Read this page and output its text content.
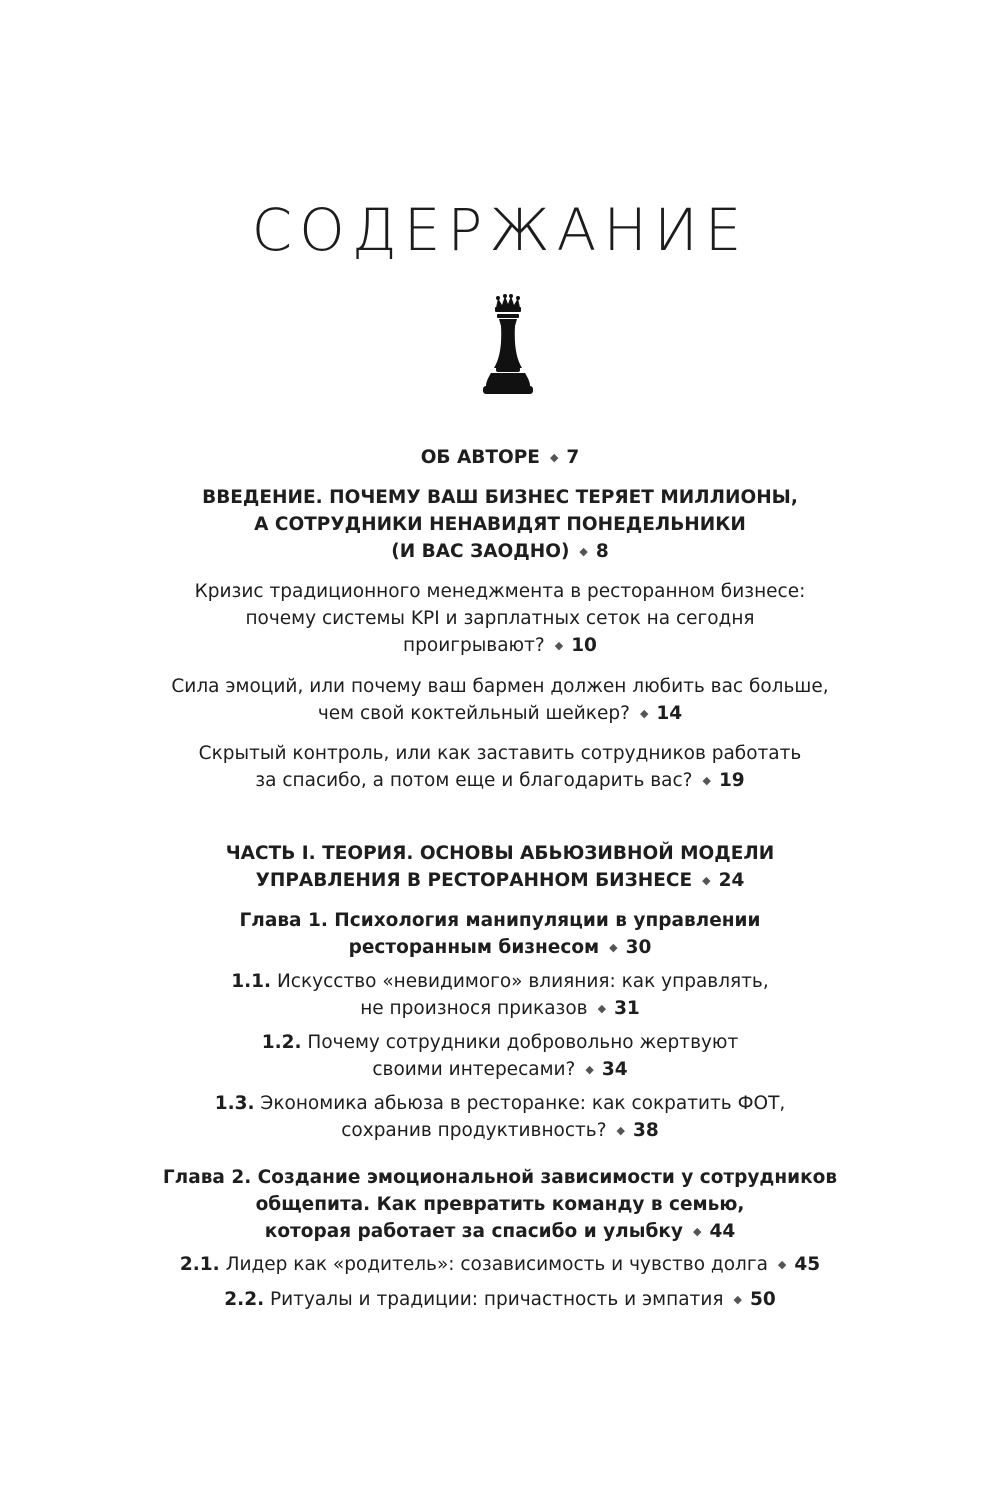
СОДЕРЖАНИЕ
ОБ АВТОРЕ ◆ 7
ВВЕДЕНИЕ. ПОЧЕМУ ВАШ БИЗНЕС ТЕРЯЕТ МИЛЛИОНЫ,
А СОТРУДНИКИ НЕНАВИДЯТ ПОНЕДЕЛЬНИКИ
(И ВАС ЗАОДНО) ◆ 8
Кризис традиционного менеджмента в ресторанном бизнесе:
почему системы KPI и зарплатных сеток на сегодня
проигрывают? ◆ 10
Сила эмоций, или почему ваш бармен должен любить вас больше,
чем свой коктейльный шейкер? ◆ 14
Скрытый контроль, или как заставить сотрудников работать
за спасибо, а потом еще и благодарить вас? ◆ 19
ЧАСТЬ I. ТЕОРИЯ. ОСНОВЫ АБЬЮЗИВНОЙ МОДЕЛИ
УПРАВЛЕНИЯ В РЕСТОРАННОМ БИЗНЕСЕ ◆ 24
Глава 1. Психология манипуляции в управлении
ресторанным бизнесом ◆ 30
1.1. Искусство «невидимого» влияния: как управлять,
не произнося приказов ◆ 31
1.2. Почему сотрудники добровольно жертвуют
своими интересами? ◆ 34
1.3. Экономика абьюза в ресторанке: как сократить ФОТ,
сохранив продуктивность? ◆ 38
Глава 2. Создание эмоциональной зависимости у сотрудников
общепита. Как превратить команду в семью,
которая работает за спасибо и улыбку ◆ 44
2.1. Лидер как «родитель»: созависимость и чувство долга ◆ 45
2.2. Ритуалы и традиции: причастность и эмпатия ◆ 50
